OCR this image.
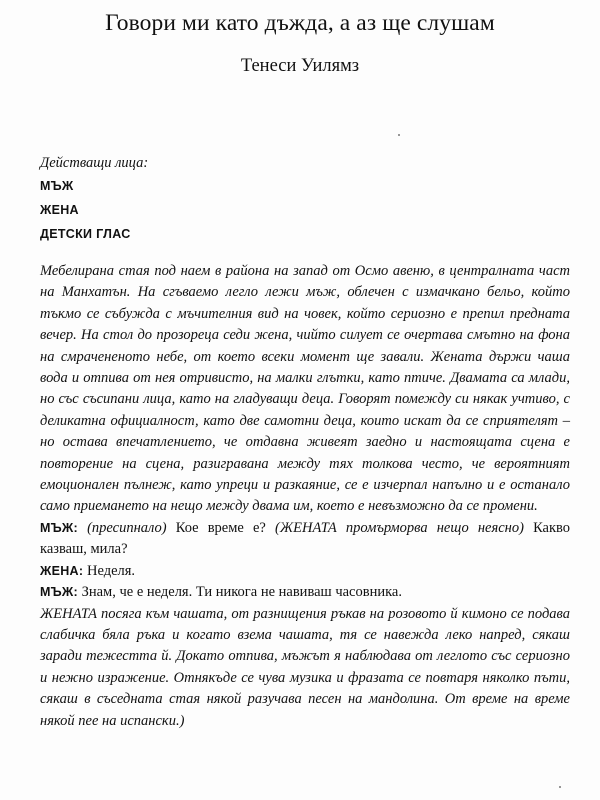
Говори ми като дъжда, а аз ще слушам
Тенеси Уилямз
Действащи лица:
МЪЖ
ЖЕНА
ДЕТСКИ ГЛАС

Мебелирана стая под наем в района на запад от Осмо авеню, в централната част на Манхатън. На сгъваемо легло лежи мъж, облечен с измачкано бельо, който тъкмо се събужда с мъчителния вид на човек, който сериозно е препил предната вечер. На стол до прозореца седи жена, чийто силует се очертава смътно на фона на смрачененото небе, от което всеки момент ще завали. Жената държи чаша вода и отпива от нея отривисто, на малки глътки, като птиче. Двамата са млади, но със съсипани лица, като на гладуващи деца. Говорят помежду си някак учтиво, с деликатна официалност, като две самотни деца, които искат да се сприятелят – но остава впечатлението, че отдавна живеят заедно и настоящата сцена е повторение на сцена, разигравана между тях толкова често, че вероятният емоционален пълнеж, като упреци и разкаяние, се е изчерпал напълно и е останало само приемането на нещо между двама им, което е невъзможно да се промени.

МЪЖ: (пресипнало) Кое време е? (ЖЕНАТА промърморва нещо неясно) Какво казваш, мила?

ЖЕНА: Неделя.

МЪЖ: Знам, че е неделя. Ти никога не навиваш часовника.

ЖЕНАТА посяга към чашата, от разнищения ръкав на розовото й кимоно се подава слабичка бяла ръка и когато взема чашата, тя се навежда леко напред, сякаш заради тежестта й. Докато отпива, мъжът я наблюдава от леглото със сериозно и нежно изражение. Отнякъде се чува музика и фразата се повтаря няколко пъти, сякаш в съседната стая някой разучава песен на мандолина. От време на време някой пее на испански.)
